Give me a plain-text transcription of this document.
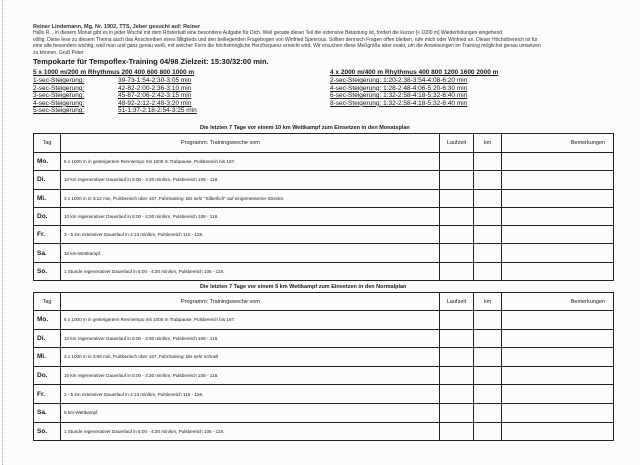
Reiner Lindemann, Mg. Nr. 1902, TTS, Jeber gesucht auf: Reiner
Hallo R. , in diesem Monat gibt es in jeder Woche mit dem Rösterkatt eine besondere Aufgabe für Dich. Weil gerade dieser Teil die extensive Belastung ist, fordert die kurzer [< 1000 m] Wiederholungen eingehend
völlig. Diese lese zu diesem Thema auch das Anschreiben eines Mitglieds und den beiliegenden Fragebogen von Winfried Spenrous. Sollten dennoch Fragen offen bleiben, rufe mich oder Winfried an. Dieser Höchstbereich ist für
eine alte besonders wichtig, weil man und ganz genau weiß, mit welcher Form die höchstmögliche Herzfrequenz erreicht wird. Wir ersuchen diese Meßgröße aber exakt, um die Anweisungen im Training möglichst genau umsetzen
zu können. Gruß Peter
Tempokarte für Tempoflex-Training 04/98 Zielzeit: 15:30/32:00 min.
5 x 1000 m/200 m Rhythmus 200 400 600 800 1000 m
1-sec-Steigerung:	39-73-1:54-2:30-3:05 min
2-sec-Steigerung:	42-82-2:00-2:36-3:10 min
3-sec-Steigerung:	45-87-2:06-2:42-3:15 min
4-sec-Steigerung:	48-92-2:12-2:48-3:20 min
5-sec-Steigerung:	51-1:37-2:18-2:54-3:25 min
4 x 2000 m/400 m Rhythmus 400 800 1200 1600 2000 m
2-sec-Steigerung: 1:20-2:38-3:54-4:08-6:20 min
4-sec-Steigerung: 1:28-2:48-4:06-5:20-6:30 min
6-sec-Steigerung: 1:32-2:58-4:18-5:32-6:40 min
8-sec-Steigerung: 1:32-2:58-4:18-5:32-6:40 min
Die letzten 7 Tage vor einem 10 km Wettkampf zum Einsetzen in den Monatsplan
Tag	Programm: Trainingswoche vom	Laufzeit	km	Bemerkungen
Mo.	5 x 1000 m in gesteigertem Renntempo mit 1000 m Trabpause, Pulsbereich bis 167.			
Di.	10 km regenerativer Dauerlauf in 5:00 - 4:30 min/km, Pulsbereich 108 - 118.			
Mi.	3 x 1000 m in 3:12 min, Pulsbereich über 167, Fahrtraining: Bis sehr "Silberlich" auf eingemessener Strecke.			
Do.	10 km regenerativer Dauerlauf in 5:00 - 4:30 min/km, Pulsbereich 108 - 118.			
Fr.	3 - 5 km extensiver Dauerlauf in 4:13 min/km, Pulsbereich 110 - 125.			
Sa.	10 km-Wettkampf.			
So.	1 Stunde regenerativer Dauerlauf in 5:00 - 4:30 min/km, Pulsbereich 108 - 118.			
Die letzten 7 Tage vor einem 5 km Wettkampf zum Einsetzen in den Normalplan
Tag	Programm: Trainingswoche vom	Laufzeit	km	Bemerkungen
Mo.	6 x 1000 m in gesteigertem Renntempo mit 1000 m Trabpause, Pulsbereich bis 167.			
Di.	10 km regenerativer Dauerlauf in 5:00 - 4:30 min/km, Pulsbereich 108 - 118.			
Mi.	3 x 1000 m in 3:06 min, Pulsbereich über 167, Fahrtraining: Bis sehr schnell			
Do.	10 km regenerativer Dauerlauf in 5:00 - 4:30 min/km, Pulsbereich 108 - 118.			
Fr.	2 - 5 km extensiver Dauerlauf in 4:13 min/km, Pulsbereich 115 - 126.			
Sa.	5 km-Wettkampf.			
So.	1 Stunde regenerativer Dauerlauf in 5:00 - 4:30 min/km, Pulsbereich 108 - 118.			
